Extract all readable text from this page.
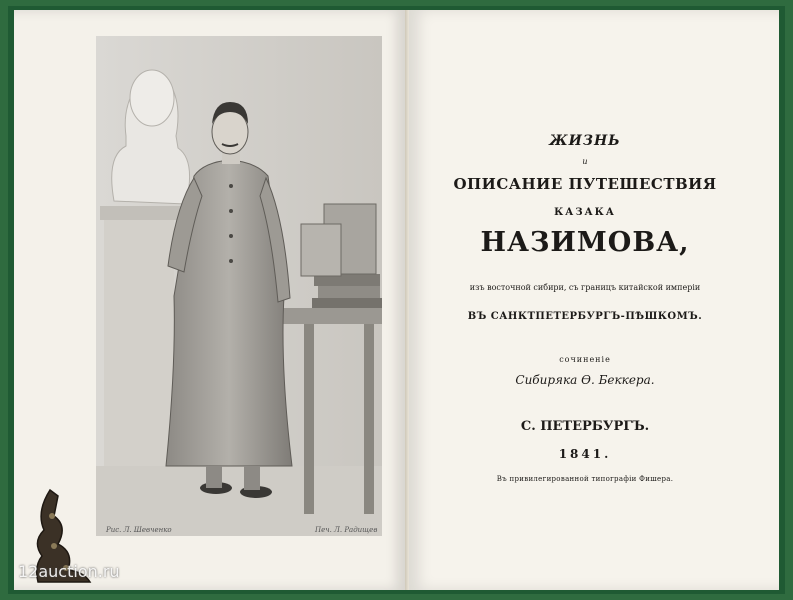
Рис. Л. Шевченко	Печ. Л. Радищев
ЖИЗНЬ
и
ОПИСАНИЕ ПУТЕШЕСТВИЯ
КАЗАКА
НАЗИМОВА,
изъ восточной сибири, съ границъ китайской имперіи
ВЪ САНКТПЕТЕРБУРГЪ-ПѢШКОМЪ.
сочиненіе
Сибиряка Ѳ. Беккера.
С. ПЕТЕРБУРГЪ.
1841.
Въ привилегированной типографіи Фишера.
12auction.ru
